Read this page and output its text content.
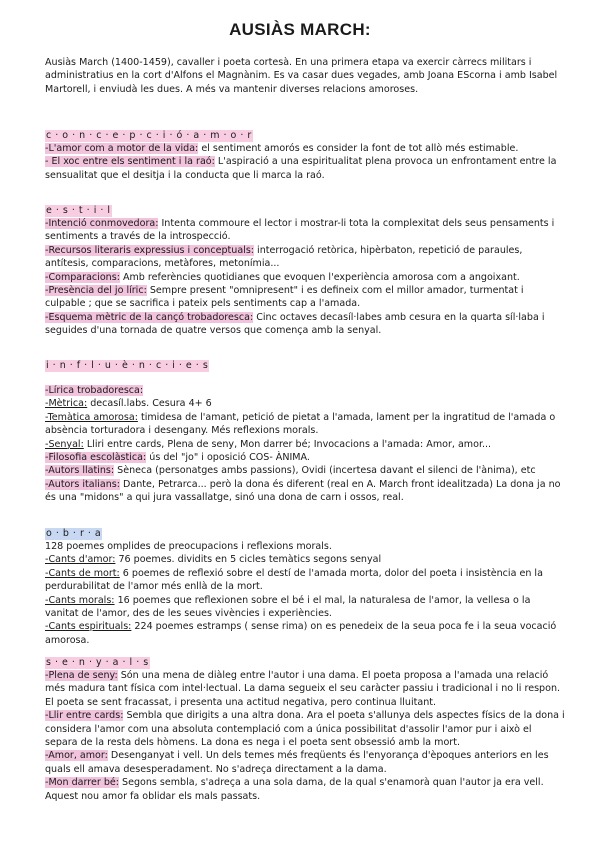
AUSIÀS MARCH:

Ausiàs March (1400-1459), cavaller i poeta cortesà. En una primera etapa va exercir càrrecs militars i administratius en la cort d'Alfons el Magnànim. Es va casar dues vegades, amb Joana EScorna i amb Isabel Martorell, i enviudà les dues. A més va mantenir diverses relacions amoroses.

c · o · n · c · e · p · c · i · ó · a · m · o · r

-L'amor com a motor de la vida: el sentiment amorós es consider la font de tot allò més estimable.

- El xoc entre els sentiment i la raó: L'aspiració a una espiritualitat plena provoca un enfrontament entre la sensualitat que el desitja i la conducta que li marca la raó.

e · s · t · i · l

-Intenció conmovedora: Intenta commoure el lector i mostrar-li tota la complexitat dels seus pensaments i sentiments a través de la introspecció.

-Recursos literaris expressius i conceptuals: interrogació retòrica, hipèrbaton, repetició de paraules, antítesis, comparacions, metàfores, metonímia...

-Comparacions: Amb referències quotidianes que evoquen l'experiència amorosa com a angoixant.

-Presència del jo líric: Sempre present "omnipresent" i es defineix com el millor amador, turmentat i culpable ; que se sacrifica i pateix pels sentiments cap a l'amada.

-Esquema mètric de la cançó trobadoresca: Cinc octaves decasíl·labes amb cesura en la quarta síl·laba i seguides d'una tornada de quatre versos que comença amb la senyal.

i · n · f · l · u · è · n · c · i · e · s

-Lírica trobadoresca:

-Mètrica: decasíl.labs. Cesura 4+ 6

-Temàtica amorosa: timidesa de l'amant, petició de pietat a l'amada, lament per la ingratitud de l'amada o absència torturadora i desengany. Més reflexions morals.

-Senyal: Lliri entre cards, Plena de seny, Mon darrer bé; Invocacions a l'amada: Amor, amor...

-Filosofia escolàstica: ús del "jo" i oposició COS- ÀNIMA.

-Autors llatins: Sèneca (personatges ambs passions), Ovidi (incertesa davant el silenci de l'ànima), etc

-Autors italians: Dante, Petrarca... però la dona és diferent (real en A. March front idealitzada) La dona ja no és una "midons" a qui jura vassallatge, sinó una dona de carn i ossos, real.

o · b · r · a

128 poemes omplides de preocupacions i reflexions morals.

-Cants d'amor: 76 poemes. dividits en 5 cicles temàtics segons senyal

-Cants de mort: 6 poemes de reflexió sobre el destí de l'amada morta, dolor del poeta i insistència en la perdurabilitat de l'amor més enllà de la mort.

-Cants morals: 16 poemes que reflexionen sobre el bé i el mal, la naturalesa de l'amor, la vellesa o la vanitat de l'amor, des de les seues vivències i experiències.

-Cants espirituals: 224 poemes estramps ( sense rima) on es penedeix de la seua poca fe i la seua vocació amorosa.

s · e · n · y · a · l · s

-Plena de seny: Són una mena de diàleg entre l'autor i una dama. El poeta proposa a l'amada una relació més madura tant física com intel·lectual. La dama segueix el seu caràcter passiu i tradicional i no li respon. El poeta se sent fracassat, i presenta una actitud negativa, pero continua lluitant.

-Llir entre cards: Sembla que dirigits a una altra dona. Ara el poeta s'allunya dels aspectes físics de la dona i considera l'amor com una absoluta contemplació com a única possibilitat d'assolir l'amor pur i això el separa de la resta dels hòmens. La dona es nega i el poeta sent obsessió amb la mort.

-Amor, amor: Desenganyat i vell. Un dels temes més freqüents és l'enyorança d'èpoques anteriors en les quals ell amava desesperadament. No s'adreça directament a la dama.

-Mon darrer bé: Segons sembla, s'adreça a una sola dama, de la qual s'enamorà quan l'autor ja era vell. Aquest nou amor fa oblidar els mals passats.
